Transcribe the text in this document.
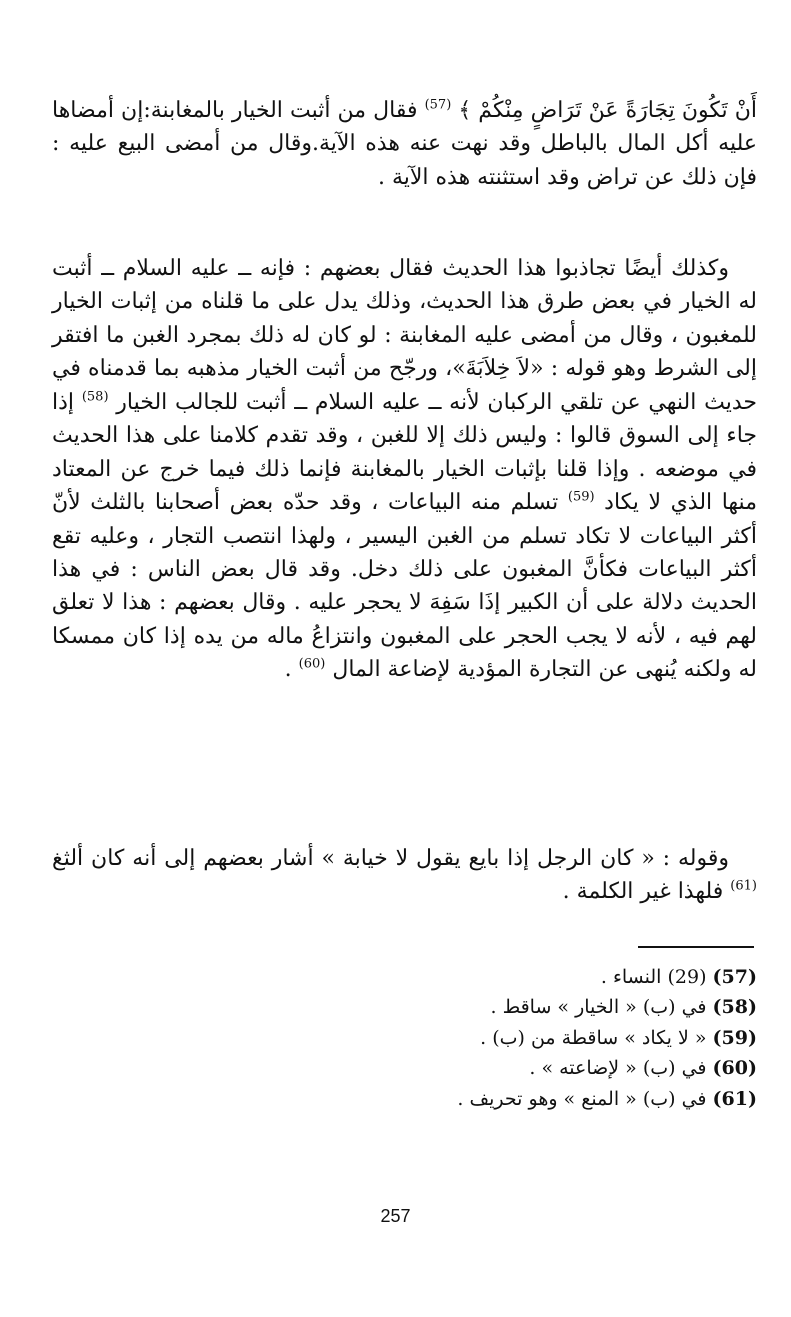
أَنْ تَكُونَ تِجَارَةً عَنْ تَرَاضٍ مِنْكُمْ ﴾ $^{(57)}$ فقال من أثبت الخيار بالمغابنة:إن أمضاها عليه أكل المال بالباطل وقد نهت عنه هذه الآية.وقال من أمضى البيع عليه : فإن ذلك عن تراض وقد استثنته هذه الآية .

وكذلك أيضًا تجاذبوا هذا الحديث فقال بعضهم : فإنه ــ عليه السلام ــ أثبت له الخيار في بعض طرق هذا الحديث، وذلك يدل على ما قلناه من إثبات الخيار للمغبون ، وقال من أمضى عليه المغابنة : لو كان له ذلك بمجرد الغبن ما افتقر إلى الشرط وهو قوله : «لاَ خِلاَبَةَ»، ورجّح من أثبت الخيار مذهبه بما قدمناه في حديث النهي عن تلقي الركبان لأنه ــ عليه السلام ــ أثبت للجالب الخيار $^{(58)}$ إذا جاء إلى السوق قالوا : وليس ذلك إلا للغبن ، وقد تقدم كلامنا على هذا الحديث في موضعه . وإذا قلنا بإثبات الخيار بالمغابنة فإنما ذلك فيما خرج عن المعتاد منها الذي لا يكاد $^{(59)}$ تسلم منه البياعات ، وقد حدّه بعض أصحابنا بالثلث لأنّ أكثر البياعات لا تكاد تسلم من الغبن اليسير ، ولهذا انتصب التجار ، وعليه تقع أكثر البياعات فكأنَّ المغبون على ذلك دخل. وقد قال بعض الناس : في هذا الحديث دلالة على أن الكبير إذَا سَفِهَ لا يحجر عليه . وقال بعضهم : هذا لا تعلق لهم فيه ، لأنه لا يجب الحجر على المغبون وانتزاعُ ماله من يده إذا كان ممسكا له ولكنه يُنهى عن التجارة المؤدية لإضاعة المال $^{(60)}$ .

وقوله : « كان الرجل إذا بايع يقول لا خيابة » أشار بعضهم إلى أنه كان ألثغ $^{(61)}$ فلهذا غير الكلمة .

(57) (29) النساء .
(58) في (ب) « الخيار » ساقط .
(59) « لا يكاد » ساقطة من (ب) .
(60) في (ب) « لإضاعته » .
(61) في (ب) « المنع » وهو تحريف .
257
